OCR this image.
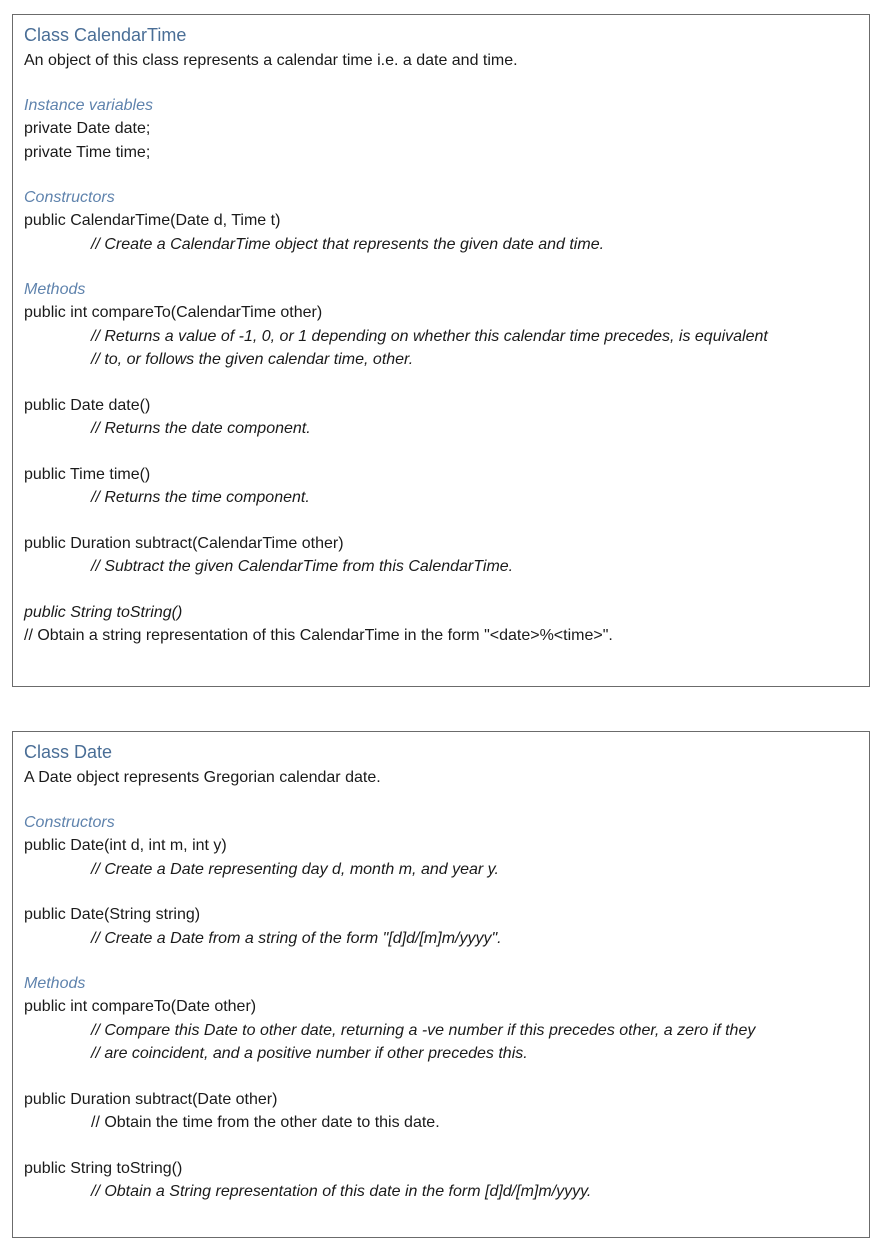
Class CalendarTime
An object of this class represents a calendar time i.e. a date and time.
Instance variables
private Date date;
private Time time;
Constructors
public CalendarTime(Date d, Time t)
// Create a CalendarTime object that represents the given date and time.
Methods
public int compareTo(CalendarTime other)
// Returns a value of -1, 0, or 1 depending on whether this calendar time precedes, is equivalent
// to, or follows the given calendar time, other.
public Date date()
// Returns the date component.
public Time time()
// Returns the time component.
public Duration subtract(CalendarTime other)
// Subtract the given CalendarTime from this CalendarTime.
public String toString()
// Obtain a string representation of this CalendarTime in the form "<date>%<time>".
Class Date
A Date object represents Gregorian calendar date.
Constructors
public Date(int d, int m, int y)
// Create a Date representing day d, month m, and year y.
public Date(String string)
// Create a Date from a string of the form "[d]d/[m]m/yyyy".
Methods
public int compareTo(Date other)
// Compare this Date to other date, returning a -ve number if this precedes other, a zero if they
// are coincident, and a positive number if other precedes this.
public Duration subtract(Date other)
// Obtain the time from the other date to this date.
public String toString()
// Obtain a String representation of this date in the form [d]d/[m]m/yyyy.
